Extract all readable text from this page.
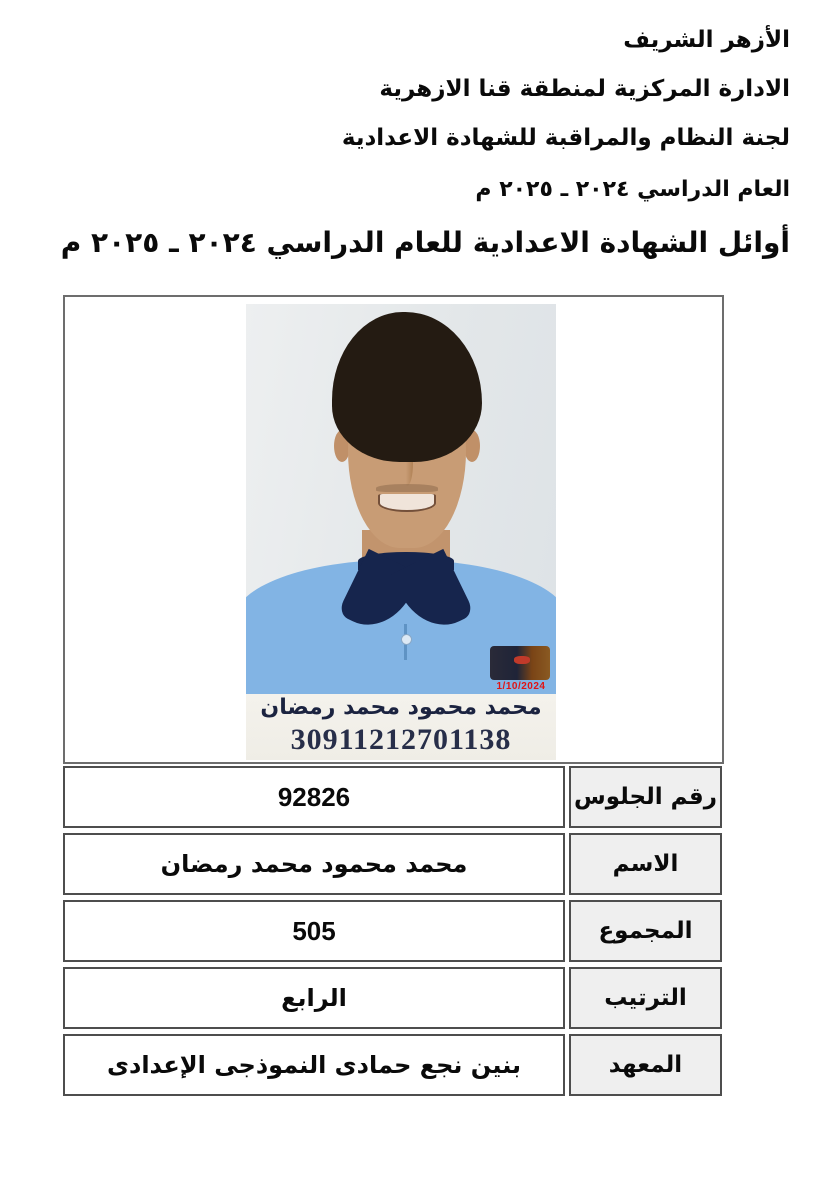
الأزهر الشريف
الادارة المركزية لمنطقة قنا الازهرية
لجنة النظام والمراقبة للشهادة الاعدادية
العام الدراسي ٢٠٢٤ ـ ٢٠٢٥ م
أوائل الشهادة الاعدادية للعام الدراسي ٢٠٢٤ ـ ٢٠٢٥ م
1/10/2024
محمد محمود محمد رمضان
30911212701138
رقم الجلوس
92826
الاسم
محمد محمود محمد رمضان
المجموع
505
الترتيب
الرابع
المعهد
بنين نجع حمادى النموذجى الإعدادى
